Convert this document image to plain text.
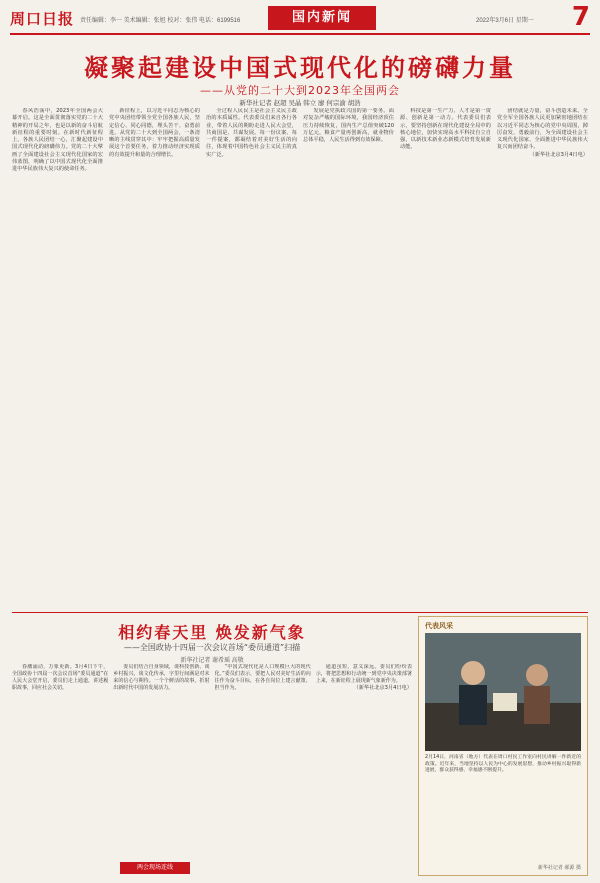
周口日报 责任编辑：李一 美术编辑：张旭 校对：张伟 电话：6199516	国内新闻	2022年3月6日 星期一 7
凝聚起建设中国式现代化的磅礴力量
——从党的二十大到2023年全国两会
新华社记者 赵超 吴晶 韩立 廖 何宗渝 胡浩

春风浩荡中，2023年全国两会大幕开启。这是全面贯彻落实党的二十大精神的开局之年，也是以新的奋斗启航新征程的重要时刻。在新时代新征程上，各族人民团结一心，汇聚起建设中国式现代化的磅礴伟力。党的二十大擘画了全面建设社会主义现代化国家的宏伟蓝图，明确了以中国式现代化全面推进中华民族伟大复兴的使命任务。

新征程上，以习近平同志为核心的党中央团结带领全党全国各族人民，坚定信心、同心同德，埋头苦干、奋勇前进。从党的二十大到全国两会，一条清晰的主线贯穿其中：牢牢把握高质量发展这个首要任务，着力推动经济实现质的有效提升和量的合理增长。

全过程人民民主是社会主义民主政治的本质属性。代表委员们来自各行各业，带着人民的期盼走进人民大会堂，共商国是、共谋发展。每一份议案、每一件提案，都凝结着对美好生活的向往，体现着中国特色社会主义民主的真实广泛。

发展是党执政兴国的第一要务。面对复杂严峻的国际环境，我国经济顶住压力持续恢复，国内生产总值突破120万亿元，粮食产量再创新高，就业物价总体平稳，人民生活得到有效保障。

科技是第一生产力、人才是第一资源、创新是第一动力。代表委员们表示，要坚持创新在现代化建设全局中的核心地位，加快实现高水平科技自立自强，以新技术新业态新模式培育发展新动能。

团结就是力量，奋斗创造未来。全党全军全国各族人民更加紧密地团结在以习近平同志为核心的党中央周围，踔厉奋发、勇毅前行，为全面建设社会主义现代化国家、全面推进中华民族伟大复兴而团结奋斗。

（新华社北京3月4日电）
相约春天里 焕发新气象
——全国政协十四届一次会议首场“委员通道”扫描
新华社记者 谢希瑶 高敬

春潮涌动，万象更新。3月4日下午，全国政协十四届一次会议首场“委员通道”在人民大会堂开启，委员们走上通道，讲述履职故事，回应社会关切。

委员们结合自身领域，谈科技创新、谈乡村振兴、谈文化传承，字里行间满是对未来的信心与期待。一个个鲜活的故事，折射出新时代中国的发展活力。

“中国式现代化是人口规模巨大的现代化。”委员们表示，要把人民对美好生活的向往作为奋斗目标，在各自岗位上建言献策、担当作为。

通道虽短，意义深远。委员们纷纷表示，将把思想和行动统一到党中央决策部署上来，在新征程上展现新气象新作为。

（新华社北京3月4日电）
代表风采
2月14日，河南省（地方）代表在周口村民工作室向村民讲解一件新近的政策。近年来，当地坚持以人民为中心的发展思想，推动乡村振兴取得新进展，群众获得感、幸福感不断提升。
新华社记者 郝源 摄
两会现场连线
